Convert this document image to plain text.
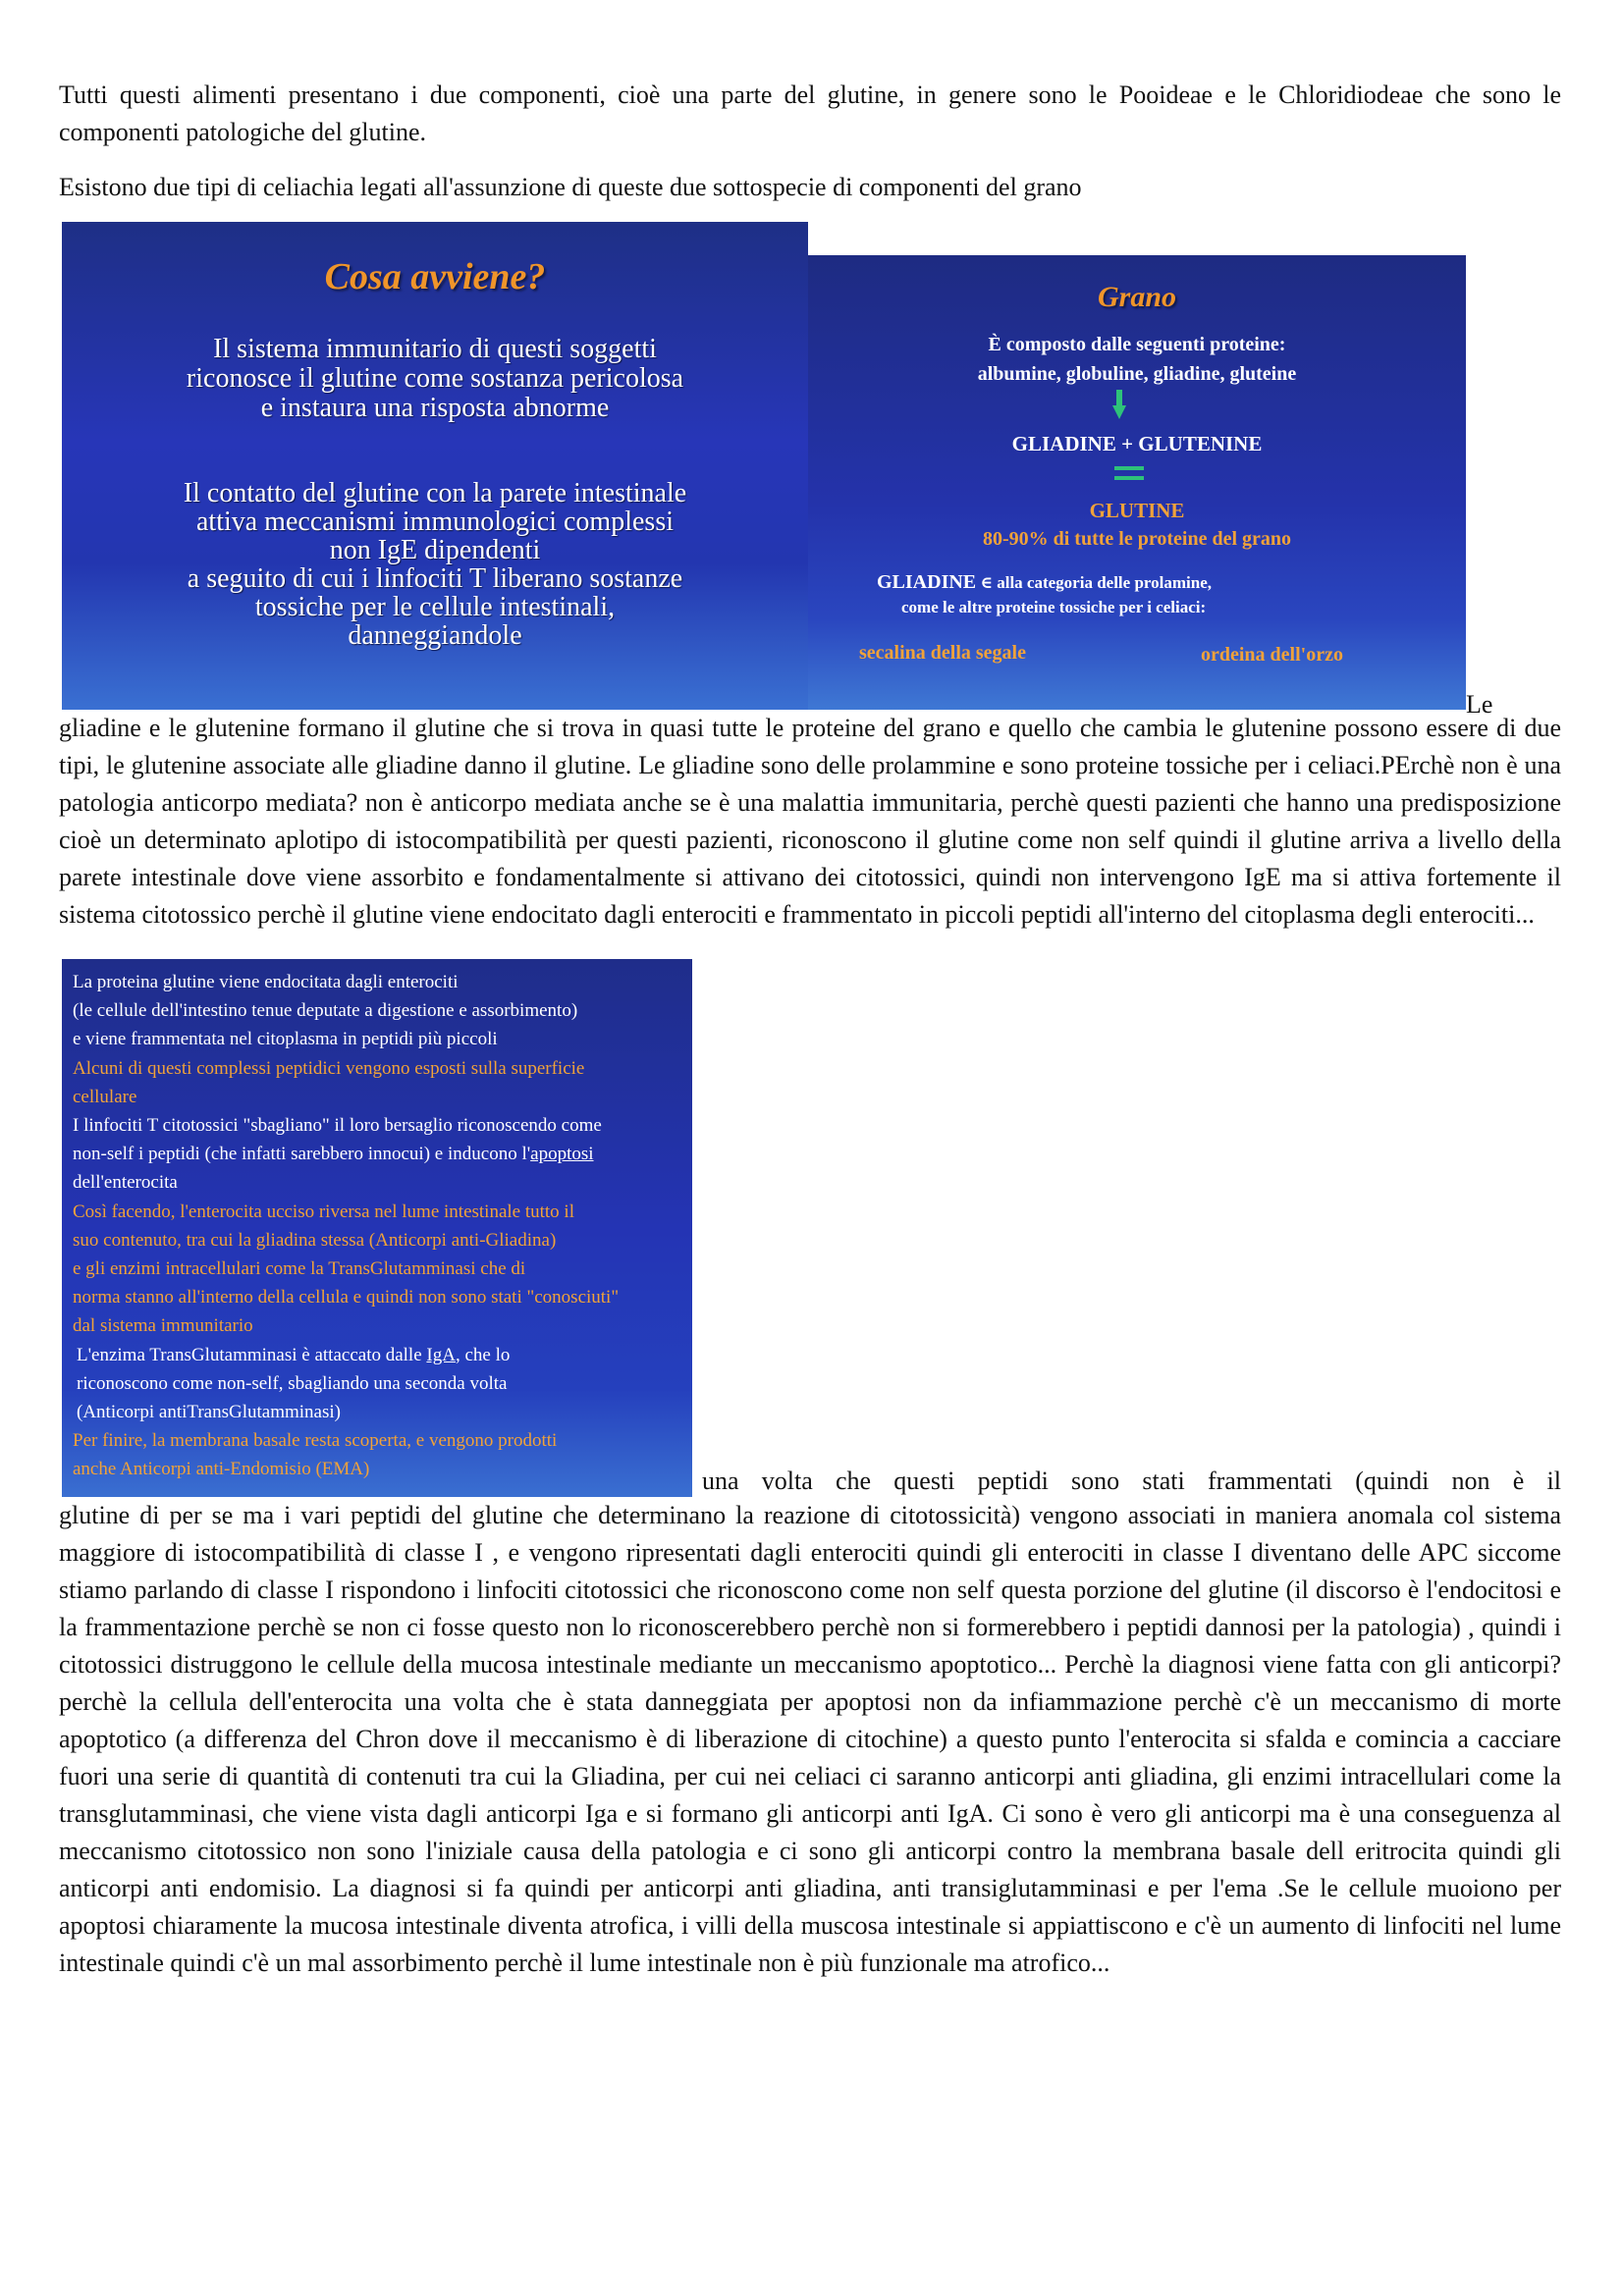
Tutti questi alimenti presentano i due componenti, cioè una parte del glutine, in genere sono le Pooideae e le Chloridiodeae che sono le componenti patologiche del glutine.

Esistono due tipi di celiachia legati all'assunzione di queste due sottospecie di componenti del grano

Cosa avviene?
Il sistema immunitario di questi soggetti
riconosce il glutine come sostanza pericolosa
e instaura una risposta abnorme
Il contatto del glutine con la parete intestinale
attiva meccanismi immunologici complessi
non IgE dipendenti
a seguito di cui i linfociti T liberano sostanze
tossiche per le cellule intestinali,
danneggiandole
Grano
È composto dalle seguenti proteine:
albumine, globuline, gliadine, gluteine
GLIADINE + GLUTENINE
GLUTINE
80-90% di tutte le proteine del grano
GLIADINE ∈ alla categoria delle prolamine,
come le altre proteine tossiche per i celiaci:
secalina della segale	ordeina dell'orzo
Le

gliadine e le glutenine formano il glutine che si trova in quasi tutte le proteine del grano e quello che cambia le glutenine possono essere di due tipi, le glutenine associate alle gliadine danno il glutine. Le gliadine sono delle prolammine e sono proteine tossiche per i celiaci.PErchè non è una patologia anticorpo mediata? non è anticorpo mediata anche se è una malattia immunitaria, perchè questi pazienti che hanno una predisposizione cioè un determinato aplotipo di istocompatibilità per questi pazienti, riconoscono il glutine come non self quindi il glutine arriva a livello della parete intestinale dove viene assorbito e fondamentalmente si attivano dei citotossici, quindi non intervengono IgE ma si attiva fortemente il sistema citotossico perchè il glutine viene endocitato dagli enterociti e frammentato in piccoli peptidi all'interno del citoplasma degli enterociti...

La proteina glutine viene endocitata dagli enterociti
(le cellule dell'intestino tenue deputate a digestione e assorbimento)
e viene frammentata nel citoplasma in peptidi più piccoli
Alcuni di questi complessi peptidici vengono esposti sulla superficie
cellulare
I linfociti T citotossici "sbagliano" il loro bersaglio riconoscendo come
non-self i peptidi (che infatti sarebbero innocui) e inducono l'apoptosi
dell'enterocita
Così facendo, l'enterocita ucciso riversa nel lume intestinale tutto il
suo contenuto, tra cui la gliadina stessa (Anticorpi anti-Gliadina)
e gli enzimi intracellulari come la TransGlutamminasi che di
norma stanno all'interno della cellula e quindi non sono stati "conosciuti"
dal sistema immunitario
L'enzima TransGlutamminasi è attaccato dalle IgA, che lo
riconoscono come non-self, sbagliando una seconda volta
(Anticorpi antiTransGlutamminasi)
Per finire, la membrana basale resta scoperta, e vengono prodotti
anche Anticorpi anti-Endomisio (EMA)	una volta che questi peptidi sono stati frammentati (quindi non è il

glutine di per se ma i vari peptidi del glutine che determinano la reazione di citotossicità) vengono associati in maniera anomala col sistema maggiore di istocompatibilità di classe I , e vengono ripresentati dagli enterociti quindi gli enterociti in classe I diventano delle APC siccome stiamo parlando di classe I rispondono i linfociti citotossici che riconoscono come non self questa porzione del glutine (il discorso è l'endocitosi e la frammentazione perchè se non ci fosse questo non lo riconoscerebbero perchè non si formerebbero i peptidi dannosi per la patologia) , quindi i citotossici distruggono le cellule della mucosa intestinale mediante un meccanismo apoptotico... Perchè la diagnosi viene fatta con gli anticorpi? perchè la cellula dell'enterocita una volta che è stata danneggiata per apoptosi non da infiammazione perchè c'è un meccanismo di morte apoptotico (a differenza del Chron dove il meccanismo è di liberazione di citochine) a questo punto l'enterocita si sfalda e comincia a cacciare fuori una serie di quantità di contenuti tra cui la Gliadina, per cui nei celiaci ci saranno anticorpi anti gliadina, gli enzimi intracellulari come la transglutamminasi, che viene vista dagli anticorpi Iga e si formano gli anticorpi anti IgA. Ci sono è vero gli anticorpi ma è una conseguenza al meccanismo citotossico non sono l'iniziale causa della patologia e ci sono gli anticorpi contro la membrana basale dell eritrocita quindi gli anticorpi anti endomisio. La diagnosi si fa quindi per anticorpi anti gliadina, anti transiglutamminasi e per l'ema .Se le cellule muoiono per apoptosi chiaramente la mucosa intestinale diventa atrofica, i villi della muscosa intestinale si appiattiscono e c'è un aumento di linfociti nel lume intestinale quindi c'è un mal assorbimento perchè il lume intestinale non è più funzionale ma atrofico...
